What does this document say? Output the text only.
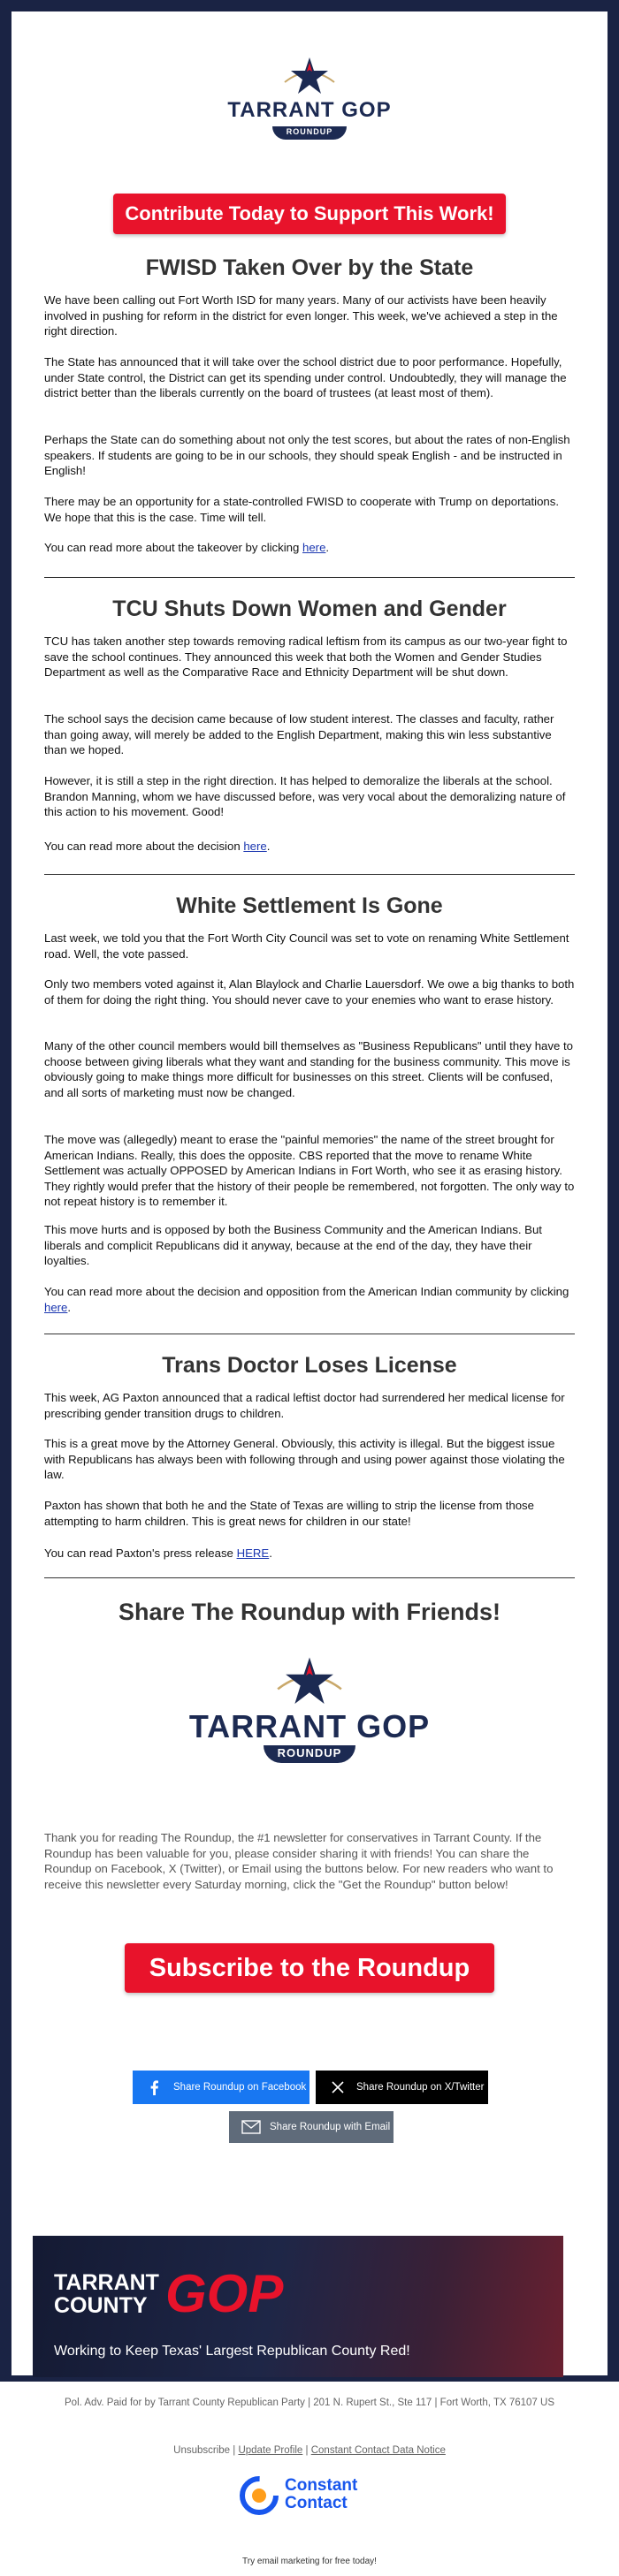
TARRANT GOP
ROUNDUP
Contribute Today to Support This Work!
FWISD Taken Over by the State

We have been calling out Fort Worth ISD for many years. Many of our activists have been heavily involved in pushing for reform in the district for even longer. This week, we've achieved a step in the right direction.

The State has announced that it will take over the school district due to poor performance. Hopefully, under State control, the District can get its spending under control. Undoubtedly, they will manage the district better than the liberals currently on the board of trustees (at least most of them).

Perhaps the State can do something about not only the test scores, but about the rates of non-English speakers. If students are going to be in our schools, they should speak English - and be instructed in English!

There may be an opportunity for a state-controlled FWISD to cooperate with Trump on deportations. We hope that this is the case. Time will tell.

You can read more about the takeover by clicking here.

TCU Shuts Down Women and Gender

TCU has taken another step towards removing radical leftism from its campus as our two-year fight to save the school continues. They announced this week that both the Women and Gender Studies Department as well as the Comparative Race and Ethnicity Department will be shut down.

The school says the decision came because of low student interest. The classes and faculty, rather than going away, will merely be added to the English Department, making this win less substantive than we hoped.

However, it is still a step in the right direction. It has helped to demoralize the liberals at the school. Brandon Manning, whom we have discussed before, was very vocal about the demoralizing nature of this action to his movement. Good!

You can read more about the decision here.

White Settlement Is Gone

Last week, we told you that the Fort Worth City Council was set to vote on renaming White Settlement road. Well, the vote passed.

Only two members voted against it, Alan Blaylock and Charlie Lauersdorf. We owe a big thanks to both of them for doing the right thing. You should never cave to your enemies who want to erase history.

Many of the other council members would bill themselves as "Business Republicans" until they have to choose between giving liberals what they want and standing for the business community. This move is obviously going to make things more difficult for businesses on this street. Clients will be confused, and all sorts of marketing must now be changed.

The move was (allegedly) meant to erase the "painful memories" the name of the street brought for American Indians. Really, this does the opposite. CBS reported that the move to rename White Settlement was actually OPPOSED by American Indians in Fort Worth, who see it as erasing history. They rightly would prefer that the history of their people be remembered, not forgotten. The only way to not repeat history is to remember it.

This move hurts and is opposed by both the Business Community and the American Indians. But liberals and complicit Republicans did it anyway, because at the end of the day, they have their loyalties.

You can read more about the decision and opposition from the American Indian community by clicking here.

Trans Doctor Loses License

This week, AG Paxton announced that a radical leftist doctor had surrendered her medical license for prescribing gender transition drugs to children.

This is a great move by the Attorney General. Obviously, this activity is illegal. But the biggest issue with Republicans has always been with following through and using power against those violating the law.

Paxton has shown that both he and the State of Texas are willing to strip the license from those attempting to harm children. This is great news for children in our state!

You can read Paxton's press release HERE.

Share The Roundup with Friends!
TARRANT GOP
ROUNDUP

Thank you for reading The Roundup, the #1 newsletter for conservatives in Tarrant County. If the Roundup has been valuable for you, please consider sharing it with friends! You can share the Roundup on Facebook, X (Twitter), or Email using the buttons below. For new readers who want to receive this newsletter every Saturday morning, click the "Get the Roundup" button below!

Subscribe to the Roundup
Share Roundup on Facebook	Share Roundup on X/Twitter
Share Roundup with Email
TARRANT
COUNTY GOP
Working to Keep Texas' Largest Republican County Red!
Pol. Adv. Paid for by Tarrant County Republican Party | 201 N. Rupert St., Ste 117 | Fort Worth, TX 76107 US
Unsubscribe | Update Profile | Constant Contact Data Notice
Constant
Contact
Try email marketing for free today!
